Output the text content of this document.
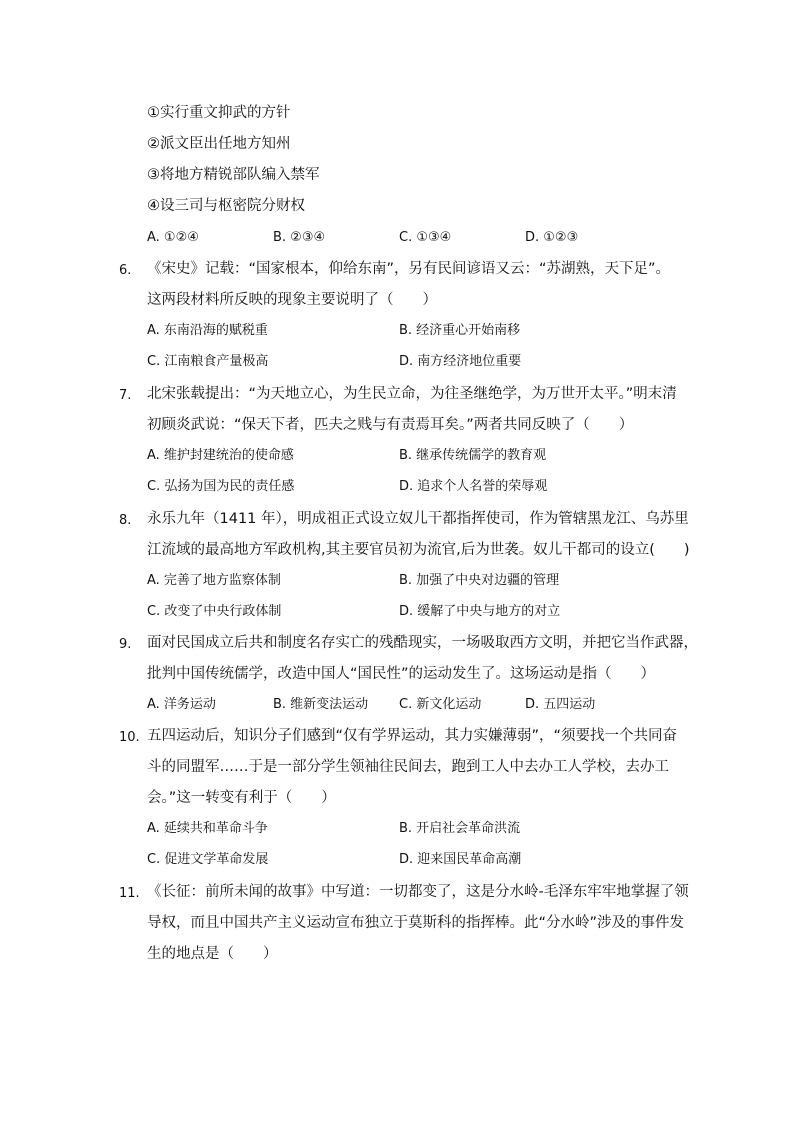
①实行重文抑武的方针
②派文臣出任地方知州
③将地方精锐部队编入禁军
④设三司与枢密院分财权
A. ①②④	B. ②③④	C. ①③④	D. ①②③
6. 《宋史》记载：“国家根本，仰给东南”，另有民间谚语又云：“苏湖熟，天下足”。
这两段材料所反映的现象主要说明了（　　）
A. 东南沿海的赋税重	B. 经济重心开始南移
C. 江南粮食产量极高	D. 南方经济地位重要
7. 北宋张载提出：“为天地立心，为生民立命，为往圣继绝学，为万世开太平。”明末清
初顾炎武说：“保天下者，匹夫之贱与有责焉耳矣。”两者共同反映了（　　）
A. 维护封建统治的使命感	B. 继承传统儒学的教育观
C. 弘扬为国为民的责任感	D. 追求个人名誉的荣辱观
8. 永乐九年（1411 年），明成祖正式设立奴儿干都指挥使司，作为管辖黑龙江、乌苏里
江流域的最高地方军政机构,其主要官员初为流官,后为世袭。奴儿干都司的设立(　　)
A. 完善了地方监察体制	B. 加强了中央对边疆的管理
C. 改变了中央行政体制	D. 缓解了中央与地方的对立
9. 面对民国成立后共和制度名存实亡的残酷现实，一场吸取西方文明，并把它当作武器，
批判中国传统儒学，改造中国人“国民性”的运动发生了。这场运动是指（　　）
A. 洋务运动	B. 维新变法运动 C. 新文化运动	D. 五四运动
10. 五四运动后，知识分子们感到“仅有学界运动，其力实嫌薄弱”，“须要找一个共同奋
斗的同盟军……于是一部分学生领袖往民间去，跑到工人中去办工人学校，去办工
会。”这一转变有利于（　　）
A. 延续共和革命斗争	B. 开启社会革命洪流
C. 促进文学革命发展	D. 迎来国民革命高潮
11. 《长征：前所未闻的故事》中写道：一切都变了，这是分水岭-毛泽东牢牢地掌握了领
导权，而且中国共产主义运动宣布独立于莫斯科的指挥棒。此“分水岭”涉及的事件发
生的地点是（　　）
